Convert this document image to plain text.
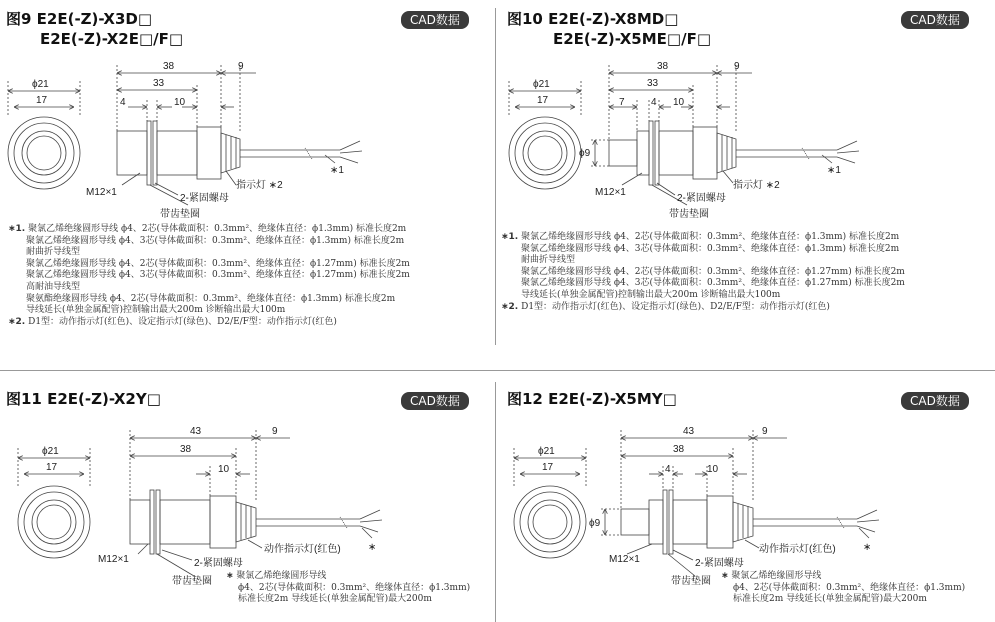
图9 E2E(-Z)-X3D□
E2E(-Z)-X2E□/F□
CAD数据
38	9
33
4	10
ϕ21
17
M12×1
2-紧固螺母
带齿垫圈
指示灯 ∗2
∗1
∗1. 聚氯乙烯绝缘圆形导线 ϕ4、2芯(导体截面积：0.3mm²、绝缘体直径：ϕ1.3mm) 标准长度2m
聚氯乙烯绝缘圆形导线 ϕ4、3芯(导体截面积：0.3mm²、绝缘体直径：ϕ1.3mm) 标准长度2m
耐曲折导线型
聚氯乙烯绝缘圆形导线 ϕ4、2芯(导体截面积：0.3mm²、绝缘体直径：ϕ1.27mm) 标准长度2m
聚氯乙烯绝缘圆形导线 ϕ4、3芯(导体截面积：0.3mm²、绝缘体直径：ϕ1.27mm) 标准长度2m
高耐油导线型
聚氨酯绝缘圆形导线 ϕ4、2芯(导体截面积：0.3mm²、绝缘体直径：ϕ1.3mm) 标准长度2m
导线延长(单独金属配管)控制输出最大200m 诊断输出最大100m
∗2. D1型：动作指示灯(红色)、设定指示灯(绿色)、D2/E/F型：动作指示灯(红色)
图10 E2E(-Z)-X8MD□
E2E(-Z)-X5ME□/F□
CAD数据
38	9
33
7	4 10
ϕ21
17
ϕ9
M12×1
2-紧固螺母
带齿垫圈
指示灯 ∗2
∗1
∗1. 聚氯乙烯绝缘圆形导线 ϕ4、2芯(导体截面积：0.3mm²、绝缘体直径：ϕ1.3mm) 标准长度2m
聚氯乙烯绝缘圆形导线 ϕ4、3芯(导体截面积：0.3mm²、绝缘体直径：ϕ1.3mm) 标准长度2m
耐曲折导线型
聚氯乙烯绝缘圆形导线 ϕ4、2芯(导体截面积：0.3mm²、绝缘体直径：ϕ1.27mm) 标准长度2m
聚氯乙烯绝缘圆形导线 ϕ4、3芯(导体截面积：0.3mm²、绝缘体直径：ϕ1.27mm) 标准长度2m
导线延长(单独金属配管)控制输出最大200m 诊断输出最大100m
∗2. D1型：动作指示灯(红色)、设定指示灯(绿色)、D2/E/F型：动作指示灯(红色)
图11 E2E(-Z)-X2Y□	CAD数据
43	9
38
10
ϕ21
17
M12×1	2-紧固螺母
带齿垫圈
动作指示灯(红色)	∗
∗ 聚氯乙烯绝缘圆形导线
ϕ4、2芯(导体截面积：0.3mm²、绝缘体直径：ϕ1.3mm)
标准长度2m 导线延长(单独金属配管)最大200m
图12 E2E(-Z)-X5MY□	CAD数据
43	9
38
4	10
ϕ21
17
ϕ9
M12×1	2-紧固螺母
带齿垫圈
动作指示灯(红色)	∗
∗ 聚氯乙烯绝缘圆形导线
ϕ4、2芯(导体截面积：0.3mm²、绝缘体直径：ϕ1.3mm)
标准长度2m 导线延长(单独金属配管)最大200m
